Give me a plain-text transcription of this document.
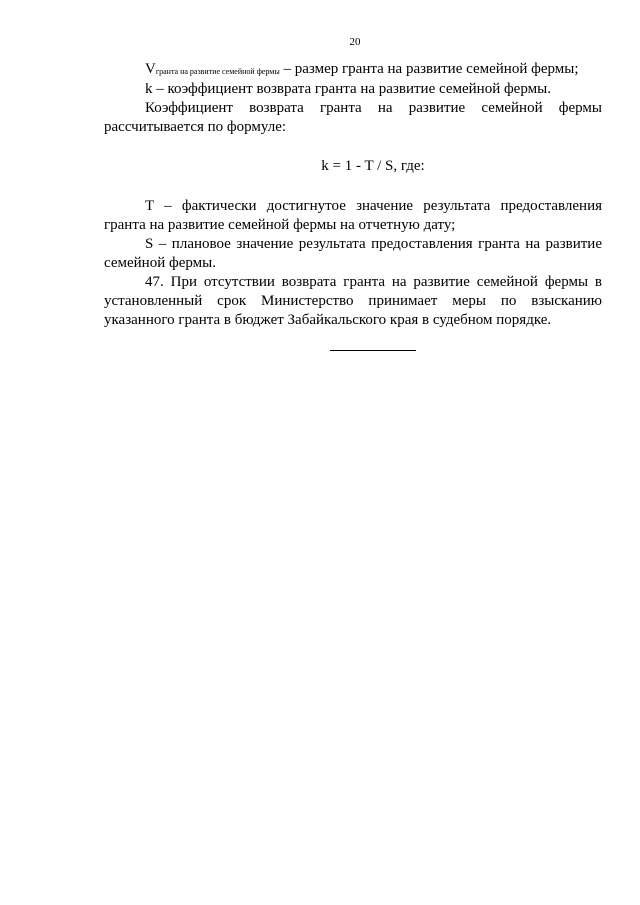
20

Vгранта на развитие семейной фермы – размер гранта на развитие семейной фермы;

k – коэффициент возврата гранта на развитие семейной фермы.

Коэффициент возврата гранта на развитие семейной фермы рассчитывается по формуле:

k = 1 - T / S, где:

T – фактически достигнутое значение результата предоставления гранта на развитие семейной фермы на отчетную дату;

S – плановое значение результата предоставления гранта на развитие семейной фермы.

47. При отсутствии возврата гранта на развитие семейной фермы в установленный срок Министерство принимает меры по взысканию указанного гранта в бюджет Забайкальского края в судебном порядке.
